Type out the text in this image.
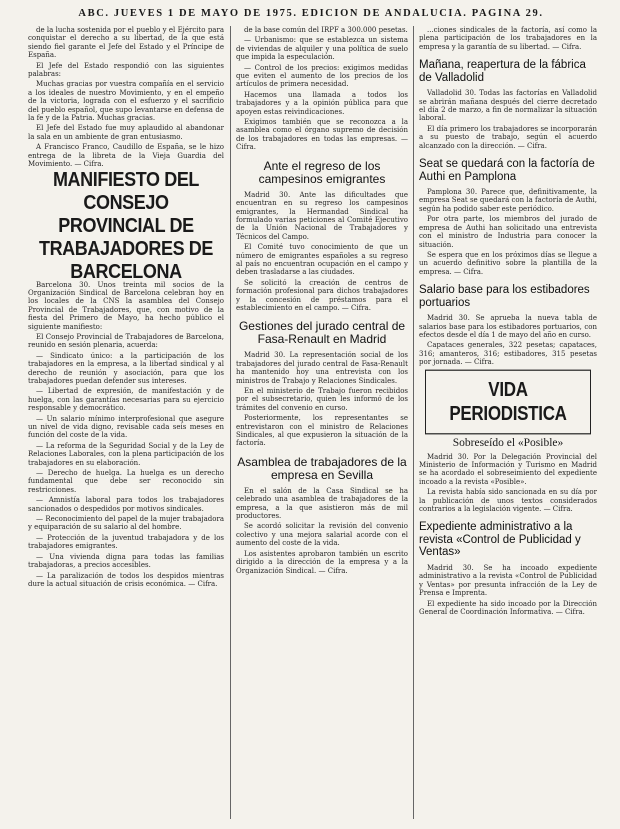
ABC. JUEVES 1 DE MAYO DE 1975. EDICION DE ANDALUCIA. PAGINA 29.

de la lucha sostenida por el pueblo y el Ejército para conquistar el derecho a su libertad, de la que está siendo fiel garante el Jefe del Estado y el Príncipe de España.

El Jefe del Estado respondió con las siguientes palabras:

Muchas gracias por vuestra compañía en el servicio a los ideales de nuestro Movimiento, y en el empeño de la victoria, lograda con el esfuerzo y el sacrificio del pueblo español, que supo levantarse en defensa de la fe y de la Patria. Muchas gracias.

El Jefe del Estado fue muy aplaudido al abandonar la sala en un ambiente de gran entusiasmo.

A Francisco Franco, Caudillo de España, se le hizo entrega de la libreta de la Vieja Guardia del Movimiento. — Cifra.

MANIFIESTO DEL CONSEJO PROVINCIAL DE TRABAJADORES DE BARCELONA

Barcelona 30. Unos treinta mil socios de la Organización Sindical de Barcelona celebran hoy en los locales de la CNS la asamblea del Consejo Provincial de Trabajadores, que, con motivo de la fiesta del Primero de Mayo, ha hecho público el siguiente manifiesto:

El Consejo Provincial de Trabajadores de Barcelona, reunido en sesión plenaria, acuerda:

— Sindicato único: a la participación de los trabajadores en la empresa, a la libertad sindical y al derecho de reunión y asociación, para que los trabajadores puedan defender sus intereses.

— Libertad de expresión, de manifestación y de huelga, con las garantías necesarias para su ejercicio responsable y democrático.

— Un salario mínimo interprofesional que asegure un nivel de vida digno, revisable cada seis meses en función del coste de la vida.

— La reforma de la Seguridad Social y de la Ley de Relaciones Laborales, con la plena participación de los trabajadores en su elaboración.

— Derecho de huelga. La huelga es un derecho fundamental que debe ser reconocido sin restricciones.

— Amnistía laboral para todos los trabajadores sancionados o despedidos por motivos sindicales.

— Reconocimiento del papel de la mujer trabajadora y equiparación de su salario al del hombre.

— Protección de la juventud trabajadora y de los trabajadores emigrantes.

— Una vivienda digna para todas las familias trabajadoras, a precios accesibles.

— La paralización de todos los despidos mientras dure la actual situación de crisis económica. — Cifra.

de la base común del IRPF a 300.000 pesetas.

— Urbanismo: que se establezca un sistema de viviendas de alquiler y una política de suelo que impida la especulación.

— Control de los precios: exigimos medidas que eviten el aumento de los precios de los artículos de primera necesidad.

Hacemos una llamada a todos los trabajadores y a la opinión pública para que apoyen estas reivindicaciones.

Exigimos también que se reconozca a la asamblea como el órgano supremo de decisión de los trabajadores en todas las empresas. — Cifra.

Ante el regreso de los campesinos emigrantes

Madrid 30. Ante las dificultades que encuentran en su regreso los campesinos emigrantes, la Hermandad Sindical ha formulado varias peticiones al Comité Ejecutivo de la Unión Nacional de Trabajadores y Técnicos del Campo.

El Comité tuvo conocimiento de que un número de emigrantes españoles a su regreso al país no encuentran ocupación en el campo y deben trasladarse a las ciudades.

Se solicitó la creación de centros de formación profesional para dichos trabajadores y la concesión de préstamos para el establecimiento en el campo. — Cifra.

Gestiones del jurado central de Fasa-Renault en Madrid

Madrid 30. La representación social de los trabajadores del jurado central de Fasa-Renault ha mantenido hoy una entrevista con los ministros de Trabajo y Relaciones Sindicales.

En el ministerio de Trabajo fueron recibidos por el subsecretario, quien les informó de los trámites del convenio en curso.

Posteriormente, los representantes se entrevistaron con el ministro de Relaciones Sindicales, al que expusieron la situación de la factoría.

Asamblea de trabajadores de la empresa en Sevilla

En el salón de la Casa Sindical se ha celebrado una asamblea de trabajadores de la empresa, a la que asistieron más de mil productores.

Se acordó solicitar la revisión del convenio colectivo y una mejora salarial acorde con el aumento del coste de la vida.

Los asistentes aprobaron también un escrito dirigido a la dirección de la empresa y a la Organización Sindical. — Cifra.

...ciones sindicales de la factoría, así como la plena participación de los trabajadores en la empresa y la garantía de su libertad. — Cifra.

Mañana, reapertura de la fábrica de Valladolid

Valladolid 30. Todas las factorías en Valladolid se abrirán mañana después del cierre decretado el día 2 de marzo, a fin de normalizar la situación laboral.

El día primero los trabajadores se incorporarán a su puesto de trabajo, según el acuerdo alcanzado con la dirección. — Cifra.

Seat se quedará con la factoría de Authi en Pamplona

Pamplona 30. Parece que, definitivamente, la empresa Seat se quedará con la factoría de Authi, según ha podido saber este periódico.

Por otra parte, los miembros del jurado de empresa de Authi han solicitado una entrevista con el ministro de Industria para conocer la situación.

Se espera que en los próximos días se llegue a un acuerdo definitivo sobre la plantilla de la empresa. — Cifra.

Salario base para los estibadores portuarios

Madrid 30. Se aprueba la nueva tabla de salarios base para los estibadores portuarios, con efectos desde el día 1 de mayo del año en curso.

Capataces generales, 322 pesetas; capataces, 316; amanteros, 316; estibadores, 315 pesetas por jornada. — Cifra.

VIDA PERIODISTICA
Sobreseído el «Posible»

Madrid 30. Por la Delegación Provincial del Ministerio de Información y Turismo en Madrid se ha acordado el sobreseimiento del expediente incoado a la revista «Posible».

La revista había sido sancionada en su día por la publicación de unos textos considerados contrarios a la legislación vigente. — Cifra.

Expediente administrativo a la revista «Control de Publicidad y Ventas»

Madrid 30. Se ha incoado expediente administrativo a la revista «Control de Publicidad y Ventas» por presunta infracción de la Ley de Prensa e Imprenta.

El expediente ha sido incoado por la Dirección General de Coordinación Informativa. — Cifra.
